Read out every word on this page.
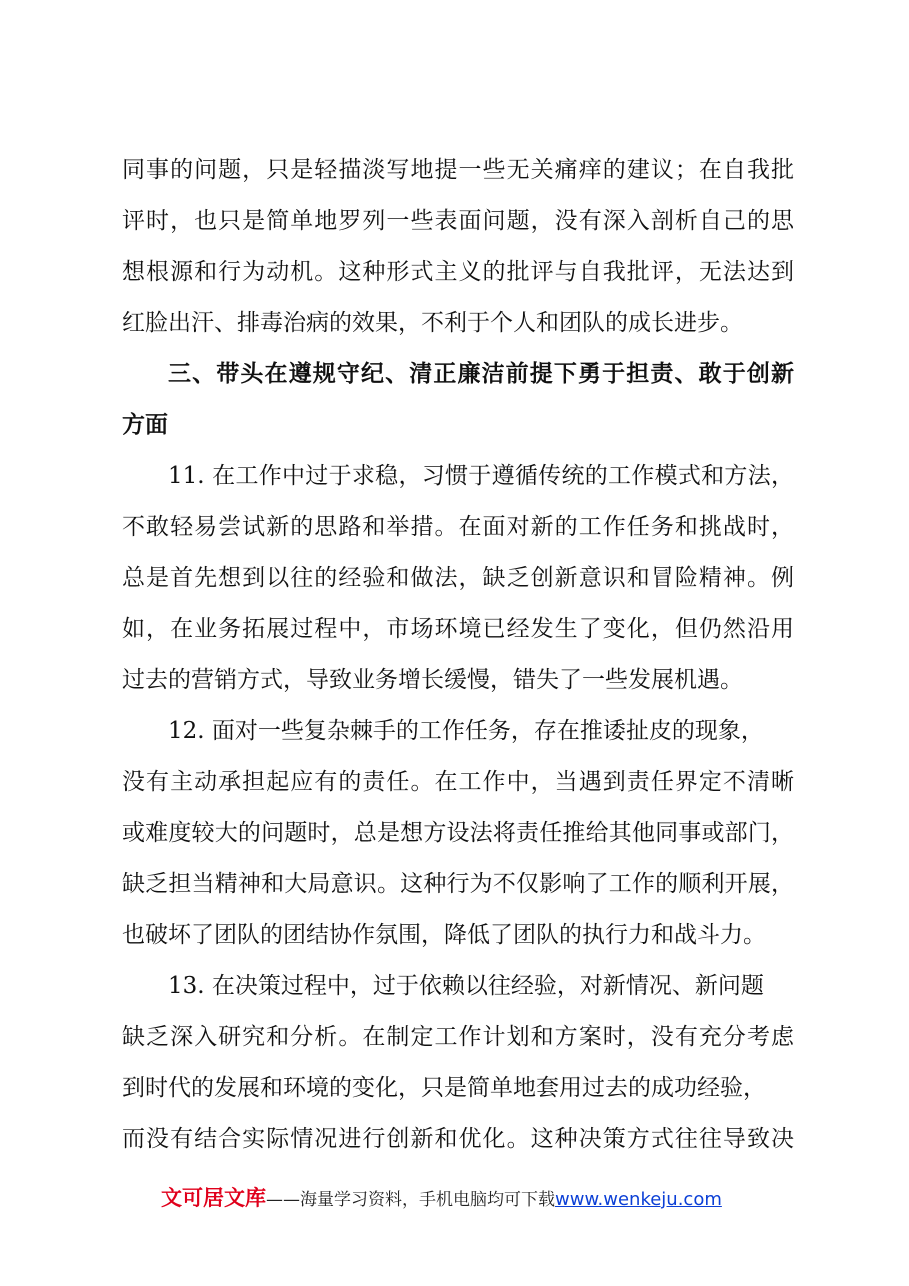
同事的问题，只是轻描淡写地提一些无关痛痒的建议；在自我批
评时，也只是简单地罗列一些表面问题，没有深入剖析自己的思
想根源和行为动机。这种形式主义的批评与自我批评，无法达到
红脸出汗、排毒治病的效果，不利于个人和团队的成长进步。
三、带头在遵规守纪、清正廉洁前提下勇于担责、敢于创新
方面
11. 在工作中过于求稳，习惯于遵循传统的工作模式和方法，
不敢轻易尝试新的思路和举措。在面对新的工作任务和挑战时，
总是首先想到以往的经验和做法，缺乏创新意识和冒险精神。例
如，在业务拓展过程中，市场环境已经发生了变化，但仍然沿用
过去的营销方式，导致业务增长缓慢，错失了一些发展机遇。
12. 面对一些复杂棘手的工作任务，存在推诿扯皮的现象，
没有主动承担起应有的责任。在工作中，当遇到责任界定不清晰
或难度较大的问题时，总是想方设法将责任推给其他同事或部门，
缺乏担当精神和大局意识。这种行为不仅影响了工作的顺利开展，
也破坏了团队的团结协作氛围，降低了团队的执行力和战斗力。
13. 在决策过程中，过于依赖以往经验，对新情况、新问题
缺乏深入研究和分析。在制定工作计划和方案时，没有充分考虑
到时代的发展和环境的变化，只是简单地套用过去的成功经验，
而没有结合实际情况进行创新和优化。这种决策方式往往导致决
文可居文库——海量学习资料，手机电脑均可下载www.wenkeju.com
